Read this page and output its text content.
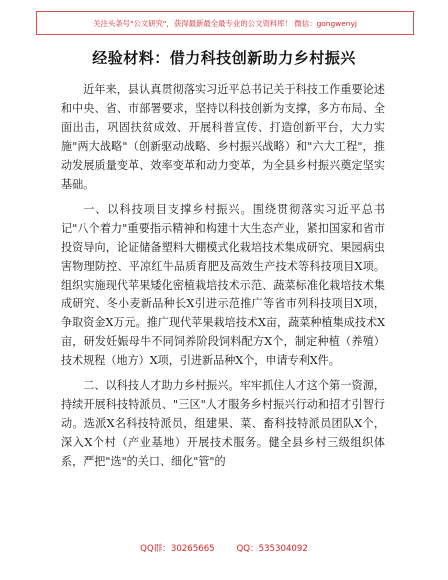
关注头条号"公文研究"，获得最新最全最专业的公文资料库！ 微信：gongwenyj
经验材料：借力科技创新助力乡村振兴

近年来，县认真贯彻落实习近平总书记关于科技工作重要论述和中央、省、市部署要求，坚持以科技创新为支撑，多方布局、全面出击，巩固扶贫成效、开展科普宣传、打造创新平台，大力实施"两大战略"（创新驱动战略、乡村振兴战略）和"六大工程"，推动发展质量变革、效率变革和动力变革，为全县乡村振兴奠定坚实基础。

一、以科技项目支撑乡村振兴。围绕贯彻落实习近平总书记"八个着力"重要指示精神和构建十大生态产业，紧扣国家和省市投资导向，论证储备塑料大棚模式化栽培技术集成研究、果园病虫害物理防控、平凉红牛品质育肥及高效生产技术等科技项目X项。组织实施现代苹果矮化密植栽培技术示范、蔬菜标准化栽培技术集成研究、冬小麦新品种长X引进示范推广等省市列科技项目X项，争取资金X万元。推广现代苹果栽培技术X亩，蔬菜种植集成技术X亩，研发妊娠母牛不同饲养阶段饲料配方X个，制定种植（养殖）技术规程（地方）X项，引进新品种X个，申请专利X件。

二、以科技人才助力乡村振兴。牢牢抓住人才这个第一资源，持续开展科技特派员、"三区"人才服务乡村振兴行动和招才引智行动。选派X名科技特派员，组建果、菜、畜科技特派员团队X个，深入X个村（产业基地）开展技术服务。健全县乡村三级组织体系，严把"选"的关口、细化"管"的

QQ群：30265665        QQ：535304092
